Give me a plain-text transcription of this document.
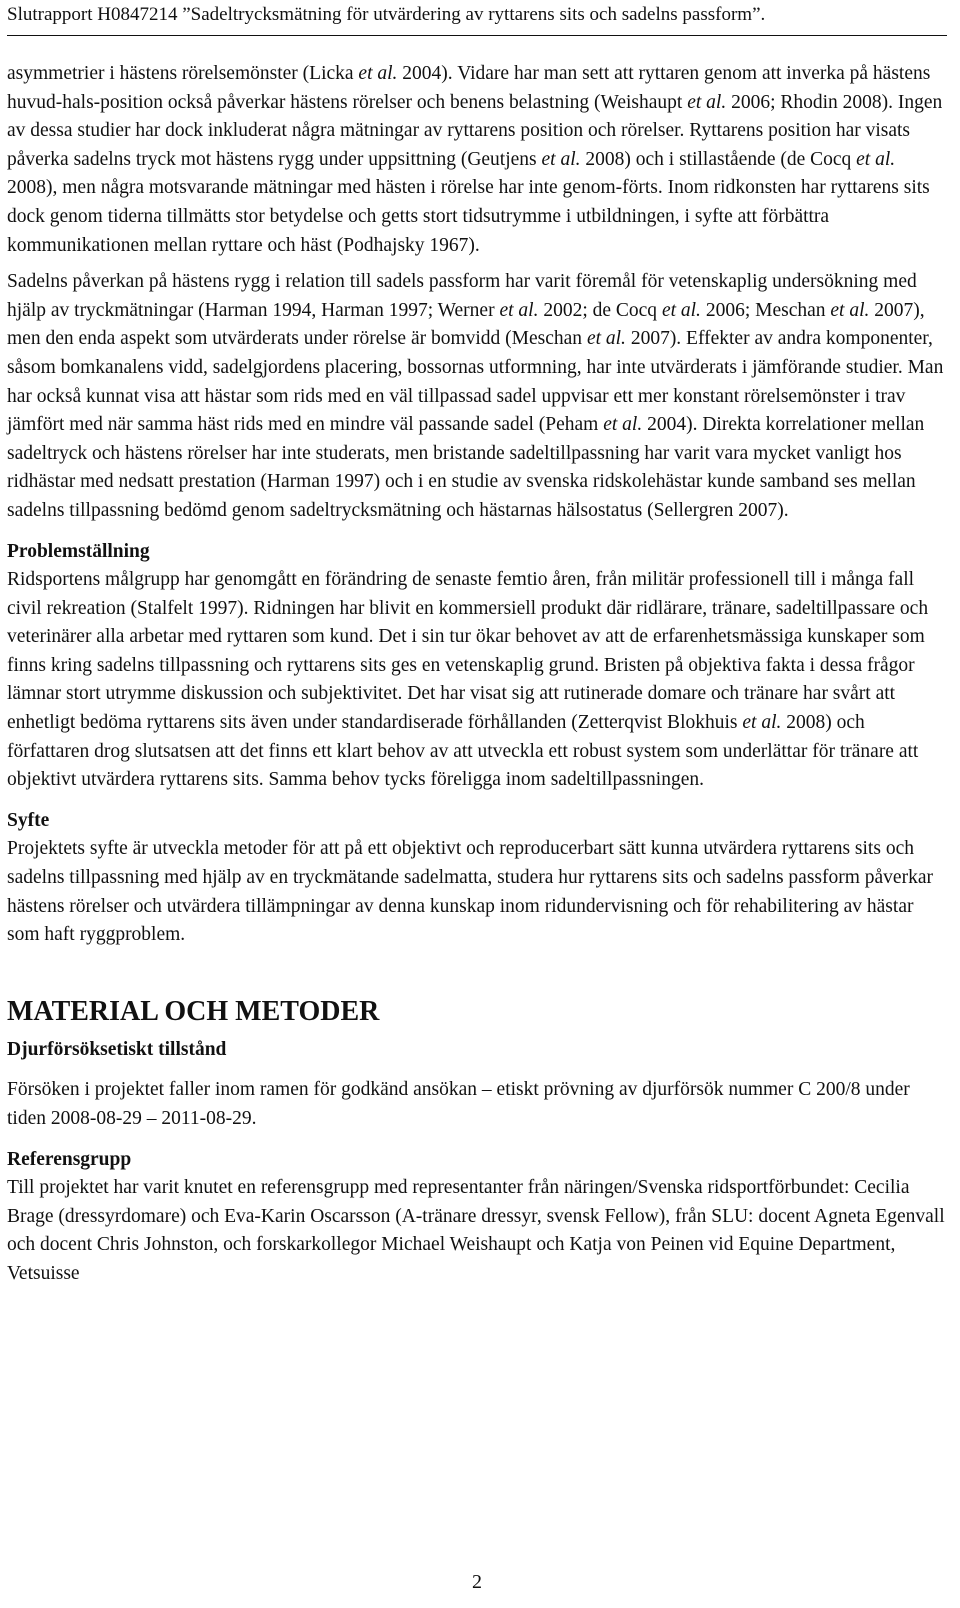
Slutrapport H0847214 ”Sadeltrycksmätning för utvärdering av ryttarens sits och sadelns passform”.

asymmetrier i hästens rörelsemönster (Licka et al. 2004). Vidare har man sett att ryttaren genom att inverka på hästens huvud-hals-position också påverkar hästens rörelser och benens belastning (Weishaupt et al. 2006; Rhodin 2008). Ingen av dessa studier har dock inkluderat några mätningar av ryttarens position och rörelser. Ryttarens position har visats påverka sadelns tryck mot hästens rygg under uppsittning (Geutjens et al. 2008) och i stillastående (de Cocq et al. 2008), men några motsvarande mätningar med hästen i rörelse har inte genom-förts. Inom ridkonsten har ryttarens sits dock genom tiderna tillmätts stor betydelse och getts stort tidsutrymme i utbildningen, i syfte att förbättra kommunikationen mellan ryttare och häst (Podhajsky 1967).

Sadelns påverkan på hästens rygg i relation till sadels passform har varit föremål för vetenskaplig undersökning med hjälp av tryckmätningar (Harman 1994, Harman 1997; Werner et al. 2002; de Cocq et al. 2006; Meschan et al. 2007), men den enda aspekt som utvärderats under rörelse är bomvidd (Meschan et al. 2007). Effekter av andra komponenter, såsom bomkanalens vidd, sadelgjordens placering, bossornas utformning, har inte utvärderats i jämförande studier. Man har också kunnat visa att hästar som rids med en väl tillpassad sadel uppvisar ett mer konstant rörelsemönster i trav jämfört med när samma häst rids med en mindre väl passande sadel (Peham et al. 2004). Direkta korrelationer mellan sadeltryck och hästens rörelser har inte studerats, men bristande sadeltillpassning har varit vara mycket vanligt hos ridhästar med nedsatt prestation (Harman 1997) och i en studie av svenska ridskolehästar kunde samband ses mellan sadelns tillpassning bedömd genom sadeltrycksmätning och hästarnas hälsostatus (Sellergren 2007).

Problemställning

Ridsportens målgrupp har genomgått en förändring de senaste femtio åren, från militär professionell till i många fall civil rekreation (Stalfelt 1997). Ridningen har blivit en kommersiell produkt där ridlärare, tränare, sadeltillpassare och veterinärer alla arbetar med ryttaren som kund. Det i sin tur ökar behovet av att de erfarenhetsmässiga kunskaper som finns kring sadelns tillpassning och ryttarens sits ges en vetenskaplig grund. Bristen på objektiva fakta i dessa frågor lämnar stort utrymme diskussion och subjektivitet. Det har visat sig att rutinerade domare och tränare har svårt att enhetligt bedöma ryttarens sits även under standardiserade förhållanden (Zetterqvist Blokhuis et al. 2008) och författaren drog slutsatsen att det finns ett klart behov av att utveckla ett robust system som underlättar för tränare att objektivt utvärdera ryttarens sits. Samma behov tycks föreligga inom sadeltillpassningen.

Syfte

Projektets syfte är utveckla metoder för att på ett objektivt och reproducerbart sätt kunna utvärdera ryttarens sits och sadelns tillpassning med hjälp av en tryckmätande sadelmatta, studera hur ryttarens sits och sadelns passform påverkar hästens rörelser och utvärdera tillämpningar av denna kunskap inom ridundervisning och för rehabilitering av hästar som haft ryggproblem.

MATERIAL OCH METODER
Djurförsöksetiskt tillstånd

Försöken i projektet faller inom ramen för godkänd ansökan – etiskt prövning av djurförsök nummer C 200/8 under tiden 2008-08-29 – 2011-08-29.

Referensgrupp

Till projektet har varit knutet en referensgrupp med representanter från näringen/Svenska ridsportförbundet: Cecilia Brage (dressyrdomare) och Eva-Karin Oscarsson (A-tränare dressyr, svensk Fellow), från SLU: docent Agneta Egenvall och docent Chris Johnston, och forskarkollegor Michael Weishaupt och Katja von Peinen vid Equine Department, Vetsuisse

2
